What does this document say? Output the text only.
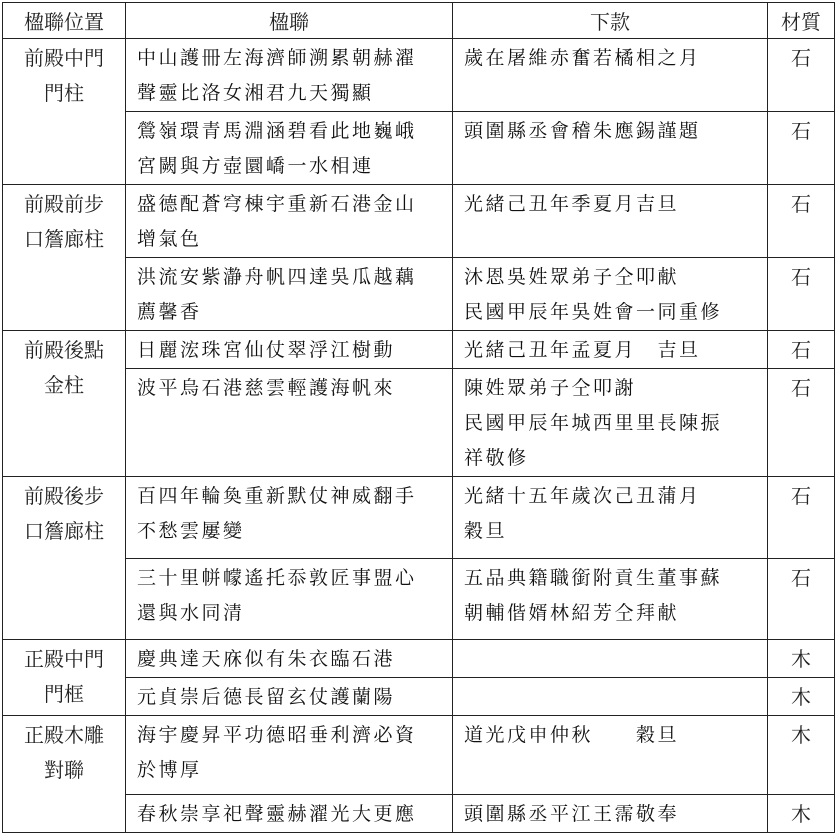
楹聯位置	楹聯	下款	材質

前殿中門
門柱	中山護冊左海濟師溯累朝赫濯
聲靈比洛女湘君九天獨顯	歲在屠維赤奮若橘相之月	石

	鶯嶺環青馬淵涵碧看此地巍峨
宮闕與方壺圜嶠一水相連	頭圍縣丞會稽朱應錫謹題	石

前殿前步
口簷廊柱	盛德配蒼穹棟宇重新石港金山
增氣色	光緒己丑年季夏月吉旦	石

	洪流安紫瀞舟帆四達吳瓜越藕
薦馨香	沐恩吳姓眾弟子仝叩献
民國甲辰年吳姓會一同重修	石

前殿後點
金柱	日麗浤珠宮仙仗翠浮江樹動	光緒己丑年孟夏月　吉旦	石

	波平烏石港慈雲輕護海帆來	陳姓眾弟子仝叩謝
民國甲辰年城西里里長陳振
祥敬修	石

前殿後步
口簷廊柱	百四年輪奐重新默仗神威翻手
不愁雲屢變	光緒十五年歲次己丑蒲月
穀旦	石

	三十里帡幪遙托忝敦匠事盟心
還與水同清	五品典籍職銜附貢生董事蘇
朝輔偕婿林紹芳仝拜献	石

正殿中門
門框	慶典達天庥似有朱衣臨石港		木

	元貞崇后德長留玄仗護蘭陽		木

正殿木雕
對聯	海宇慶昇平功德昭垂利濟必資
於博厚	道光戊申仲秋　　穀旦	木

	春秋崇享祀聲靈赫濯光大更應	頭圍縣丞平江王霈敬奉	木
